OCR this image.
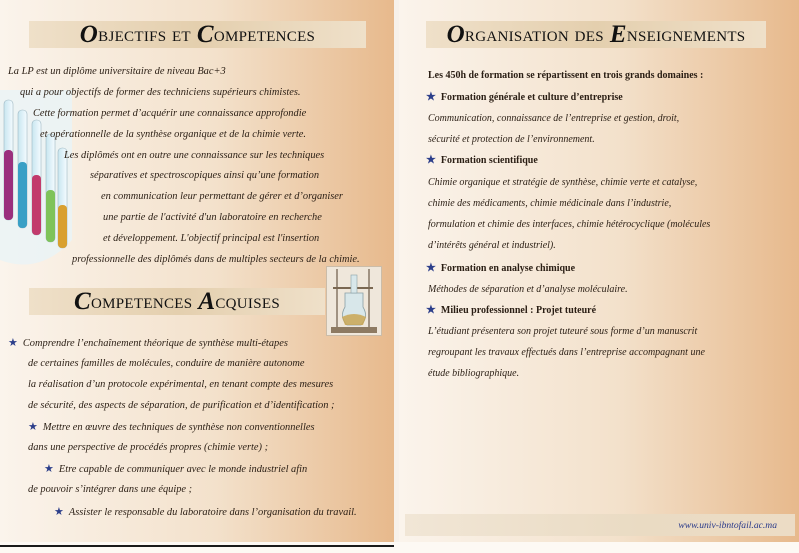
O bjectifs et C ompetences
La LP est un diplôme universitaire de niveau Bac+3
qui a pour objectifs de former des techniciens supérieurs chimistes.
Cette formation permet d’acquérir une connaissance approfondie
et opérationnelle de la synthèse organique et de la chimie verte.
Les diplômés ont en outre une connaissance sur les techniques
séparatives et spectroscopiques ainsi qu’une formation
en communication leur permettant de gérer et d’organiser
une partie de l'activité d'un laboratoire en recherche
et développement. L'objectif principal est l'insertion
professionnelle des diplômés dans de multiples secteurs de la chimie.
C ompetences A cquises
★ Comprendre l’enchaînement théorique de synthèse multi-étapes
de certaines familles de molécules, conduire de manière autonome
la réalisation d’un protocole expérimental, en tenant compte des mesures
de sécurité, des aspects de séparation, de purification et d’identification ;
★ Mettre en œuvre des techniques de synthèse non conventionnelles
dans une perspective de procédés propres (chimie verte) ;
★ Etre capable de communiquer avec le monde industriel afin
de pouvoir s’intégrer dans une équipe ;
★ Assister le responsable du laboratoire dans l’organisation du travail.
O rganisation des E nseignements
Les 450h de formation se répartissent en trois grands domaines :
★ Formation générale et culture d’entreprise
Communication, connaissance de l’entreprise et gestion, droit,
sécurité et protection de l’environnement.
★ Formation scientifique
Chimie organique et stratégie de synthèse, chimie verte et catalyse,
chimie des médicaments, chimie médicinale dans l’industrie,
formulation et chimie des interfaces, chimie hétérocyclique (molécules
d’intérêts général et industriel).
★ Formation en analyse chimique
Méthodes de séparation et d’analyse moléculaire.
★ Milieu professionnel : Projet tuteuré
L’étudiant présentera son projet tuteuré sous forme d’un manuscrit
regroupant les travaux effectués dans l’entreprise accompagnant une
étude bibliographique.
www.univ-ibntofail.ac.ma
